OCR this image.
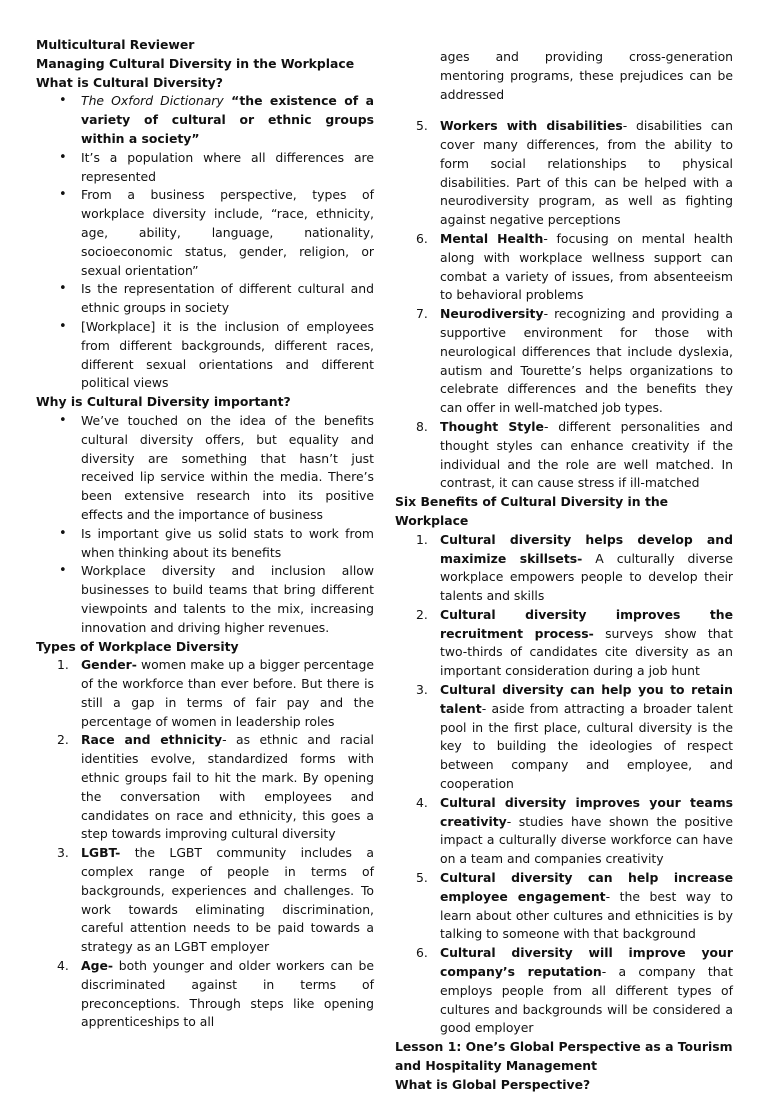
Multicultural Reviewer

Managing Cultural Diversity in the Workplace

What is Cultural Diversity?

• The Oxford Dictionary “the existence of a variety of cultural or ethnic groups within a society”
• It’s a population where all differences are represented
• From a business perspective, types of workplace diversity include, “race, ethnicity, age, ability, language, nationality, socioeconomic status, gender, religion, or sexual orientation”
• Is the representation of different cultural and ethnic groups in society
• [Workplace] it is the inclusion of employees from different backgrounds, different races, different sexual orientations and different political views

Why is Cultural Diversity important?

• We’ve touched on the idea of the benefits cultural diversity offers, but equality and diversity are something that hasn’t just received lip service within the media. There’s been extensive research into its positive effects and the importance of business
• Is important give us solid stats to work from when thinking about its benefits
• Workplace diversity and inclusion allow businesses to build teams that bring different viewpoints and talents to the mix, increasing innovation and driving higher revenues.

Types of Workplace Diversity

1. Gender- women make up a bigger percentage of the workforce than ever before. But there is still a gap in terms of fair pay and the percentage of women in leadership roles
2. Race and ethnicity- as ethnic and racial identities evolve, standardized forms with ethnic groups fail to hit the mark. By opening the conversation with employees and candidates on race and ethnicity, this goes a step towards improving cultural diversity
3. LGBT- the LGBT community includes a complex range of people in terms of backgrounds, experiences and challenges. To work towards eliminating discrimination, careful attention needs to be paid towards a strategy as an LGBT employer
4. Age- both younger and older workers can be discriminated against in terms of preconceptions. Through steps like opening apprenticeships to all

ages and providing cross-generation mentoring programs, these prejudices can be addressed

5. Workers with disabilities- disabilities can cover many differences, from the ability to form social relationships to physical disabilities. Part of this can be helped with a neurodiversity program, as well as fighting against negative perceptions
6. Mental Health- focusing on mental health along with workplace wellness support can combat a variety of issues, from absenteeism to behavioral problems
7. Neurodiversity- recognizing and providing a supportive environment for those with neurological differences that include dyslexia, autism and Tourette’s helps organizations to celebrate differences and the benefits they can offer in well-matched job types.
8. Thought Style- different personalities and thought styles can enhance creativity if the individual and the role are well matched. In contrast, it can cause stress if ill-matched

Six Benefits of Cultural Diversity in the Workplace

1. Cultural diversity helps develop and maximize skillsets- A culturally diverse workplace empowers people to develop their talents and skills
2. Cultural diversity improves the recruitment process- surveys show that two-thirds of candidates cite diversity as an important consideration during a job hunt
3. Cultural diversity can help you to retain talent- aside from attracting a broader talent pool in the first place, cultural diversity is the key to building the ideologies of respect between company and employee, and cooperation
4. Cultural diversity improves your teams creativity- studies have shown the positive impact a culturally diverse workforce can have on a team and companies creativity
5. Cultural diversity can help increase employee engagement- the best way to learn about other cultures and ethnicities is by talking to someone with that background
6. Cultural diversity will improve your company’s reputation- a company that employs people from all different types of cultures and backgrounds will be considered a good employer

Lesson 1: One’s Global Perspective as a Tourism and Hospitality Management

What is Global Perspective?
